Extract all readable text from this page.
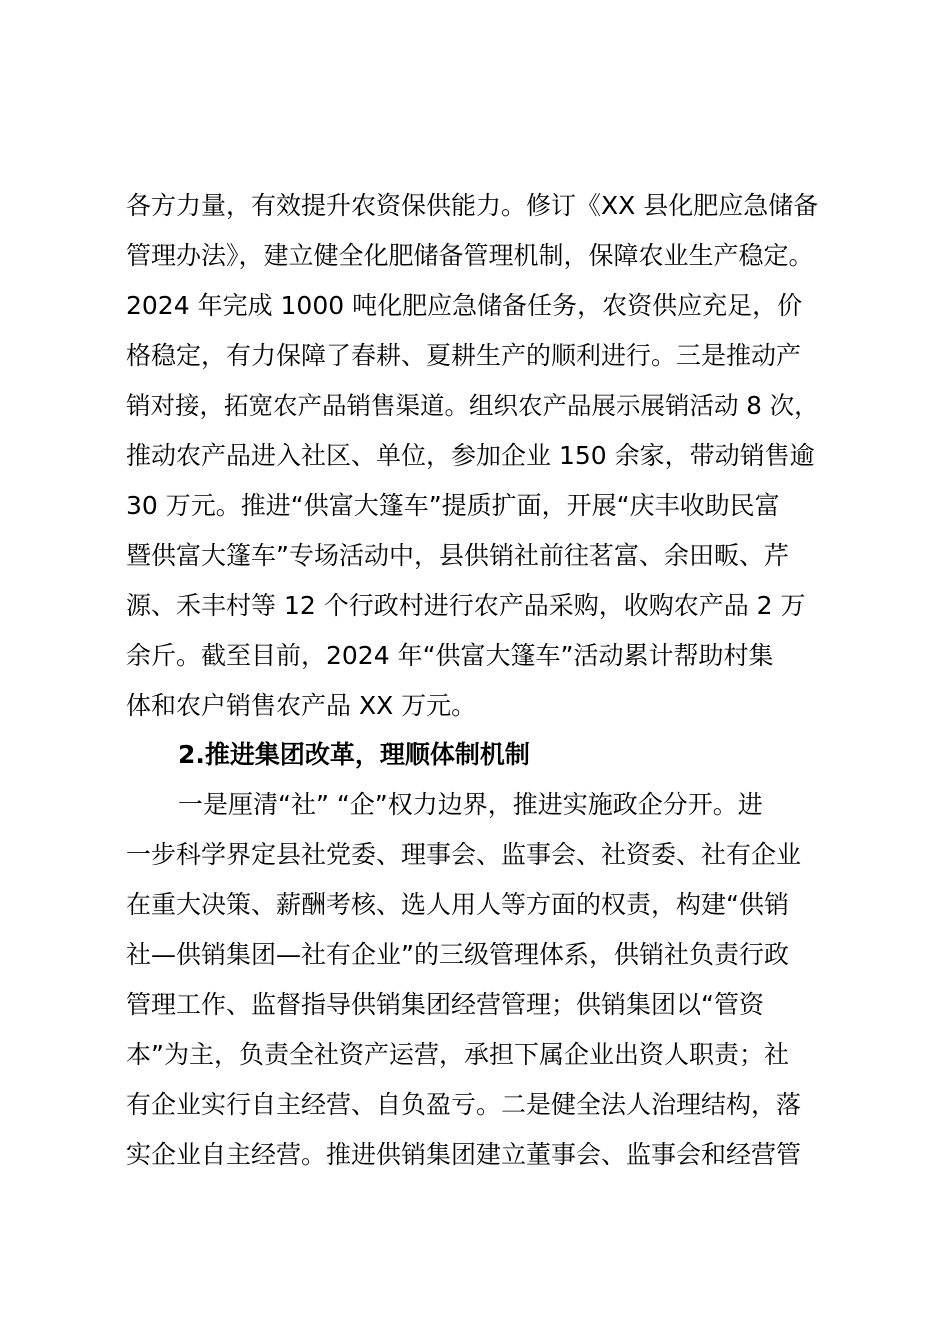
各方力量，有效提升农资保供能力。修订《XX 县化肥应急储备
管理办法》，建立健全化肥储备管理机制，保障农业生产稳定。
2024 年完成 1000 吨化肥应急储备任务，农资供应充足，价
格稳定，有力保障了春耕、夏耕生产的顺利进行。三是推动产
销对接，拓宽农产品销售渠道。组织农产品展示展销活动 8 次，
推动农产品进入社区、单位，参加企业 150 余家，带动销售逾
30 万元。推进“供富大篷车”提质扩面，开展“庆丰收助民富
暨供富大篷车”专场活动中，县供销社前往茗富、余田畈、芹
源、禾丰村等 12 个行政村进行农产品采购，收购农产品 2 万
余斤。截至目前，2024 年“供富大篷车”活动累计帮助村集
体和农户销售农产品 XX 万元。
2.推进集团改革，理顺体制机制
一是厘清“社” “企”权力边界，推进实施政企分开。进
一步科学界定县社党委、理事会、监事会、社资委、社有企业
在重大决策、薪酬考核、选人用人等方面的权责，构建“供销
社—供销集团—社有企业”的三级管理体系，供销社负责行政
管理工作、监督指导供销集团经营管理；供销集团以“管资
本”为主，负责全社资产运营，承担下属企业出资人职责；社
有企业实行自主经营、自负盈亏。二是健全法人治理结构，落
实企业自主经营。推进供销集团建立董事会、监事会和经营管
